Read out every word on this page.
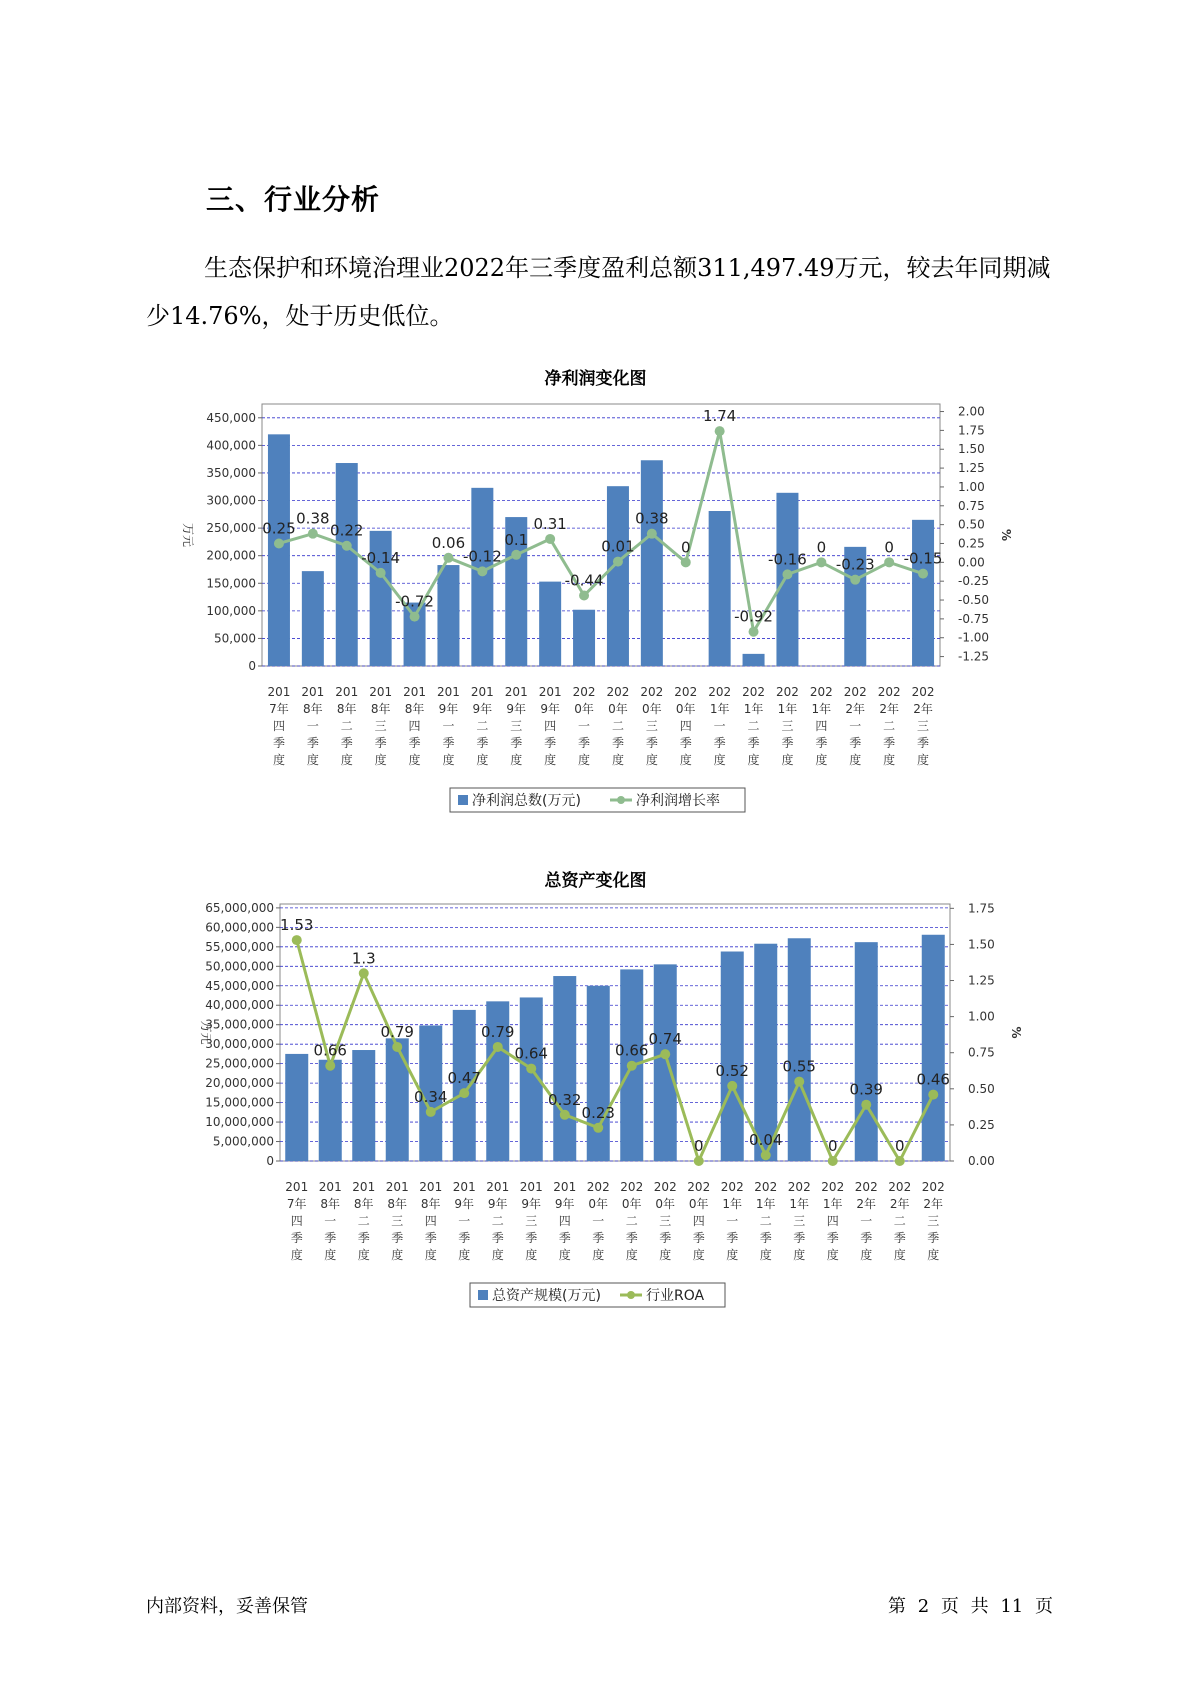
三、行业分析
生态保护和环境治理业2022年三季度盈利总额311,497.49万元，较去年同期减少14.76%，处于历史低位。
净利润变化图
0
50,000
100,000
150,000
200,000
250,000
300,000
350,000
400,000
450,000
-1.25
-1.00
-0.75
-0.50
-0.25
0.00
0.25
0.50
0.75
1.00
1.25
1.50
1.75
2.00
万元	%
201
7年
四
季
度
201
8年
一
季
度
201
8年
二
季
度
201
8年
三
季
度
201
8年
四
季
度
201
9年
一
季
度
201
9年
二
季
度
201
9年
三
季
度
201
9年
四
季
度
202
0年
一
季
度
202
0年
二
季
度
202
0年
三
季
度
202
0年
四
季
度
202
1年
一
季
度
202
1年
二
季
度
202
1年
三
季
度
202
1年
四
季
度
202
2年
一
季
度
202
2年
二
季
度
202
2年
三
季
度
0.25
0.38
0.22
-0.14
-0.72
0.06
-0.12
0.1
0.31
-0.44
0.01
0.38
0
1.74
-0.92
-0.16
0
-0.23
0
-0.15
净利润总数(万元)	净利润增长率
总资产变化图
0
5,000,000
10,000,000
15,000,000
20,000,000
25,000,000
30,000,000
35,000,000
40,000,000
45,000,000
50,000,000
55,000,000
60,000,000
65,000,000
0.00
0.25
0.50
0.75
1.00
1.25
1.50
1.75
万元	%
201
7年
四
季
度
201
8年
一
季
度
201
8年
二
季
度
201
8年
三
季
度
201
8年
四
季
度
201
9年
一
季
度
201
9年
二
季
度
201
9年
三
季
度
201
9年
四
季
度
202
0年
一
季
度
202
0年
二
季
度
202
0年
三
季
度
202
0年
四
季
度
202
1年
一
季
度
202
1年
二
季
度
202
1年
三
季
度
202
1年
四
季
度
202
2年
一
季
度
202
2年
二
季
度
202
2年
三
季
度
1.53
0.66
1.3
0.79
0.34
0.47
0.79
0.64
0.32
0.23
0.66
0.74
0
0.52
0.04
0.55
0
0.39
0
0.46
总资产规模(万元)	行业ROA
内部资料，妥善保管	第 2 页 共 11 页
